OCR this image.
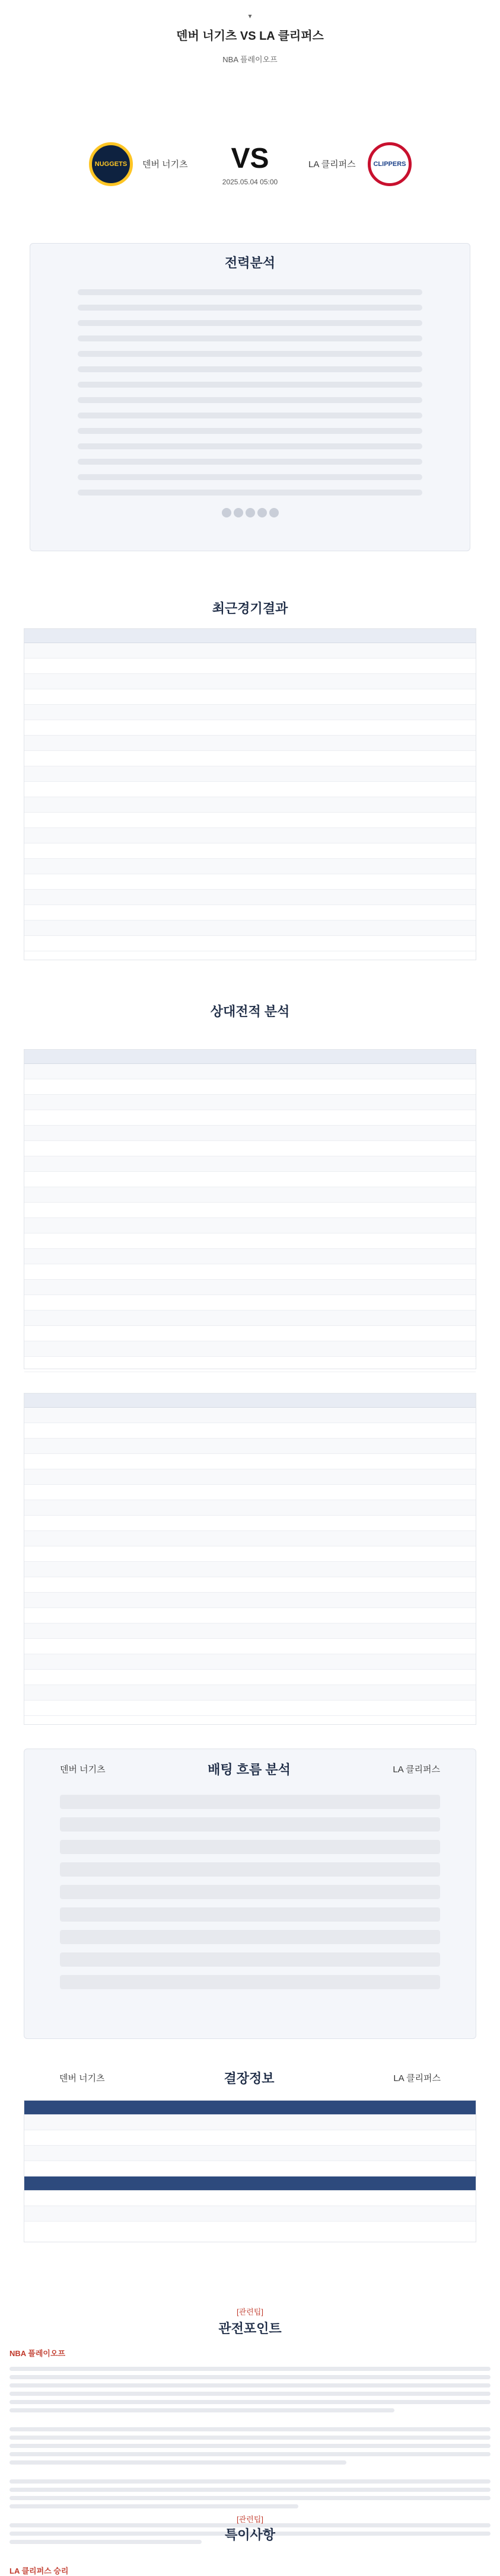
▾
덴버 너기츠 VS LA 클리퍼스
NBA 플레이오프
NUGGETS 덴버 너기츠	VS
2025.05.04 05:00
LA 클리퍼스	CLIPPERS
전력분석
최근경기결과
상대전적 분석
덴버 너기츠	배팅 흐름 분석	LA 클리퍼스
덴버 너기츠	결장정보	LA 클리퍼스
[관련팁]
관전포인트
NBA 플레이오프
LA 클리퍼스 승리
[관련팁]
특이사항
